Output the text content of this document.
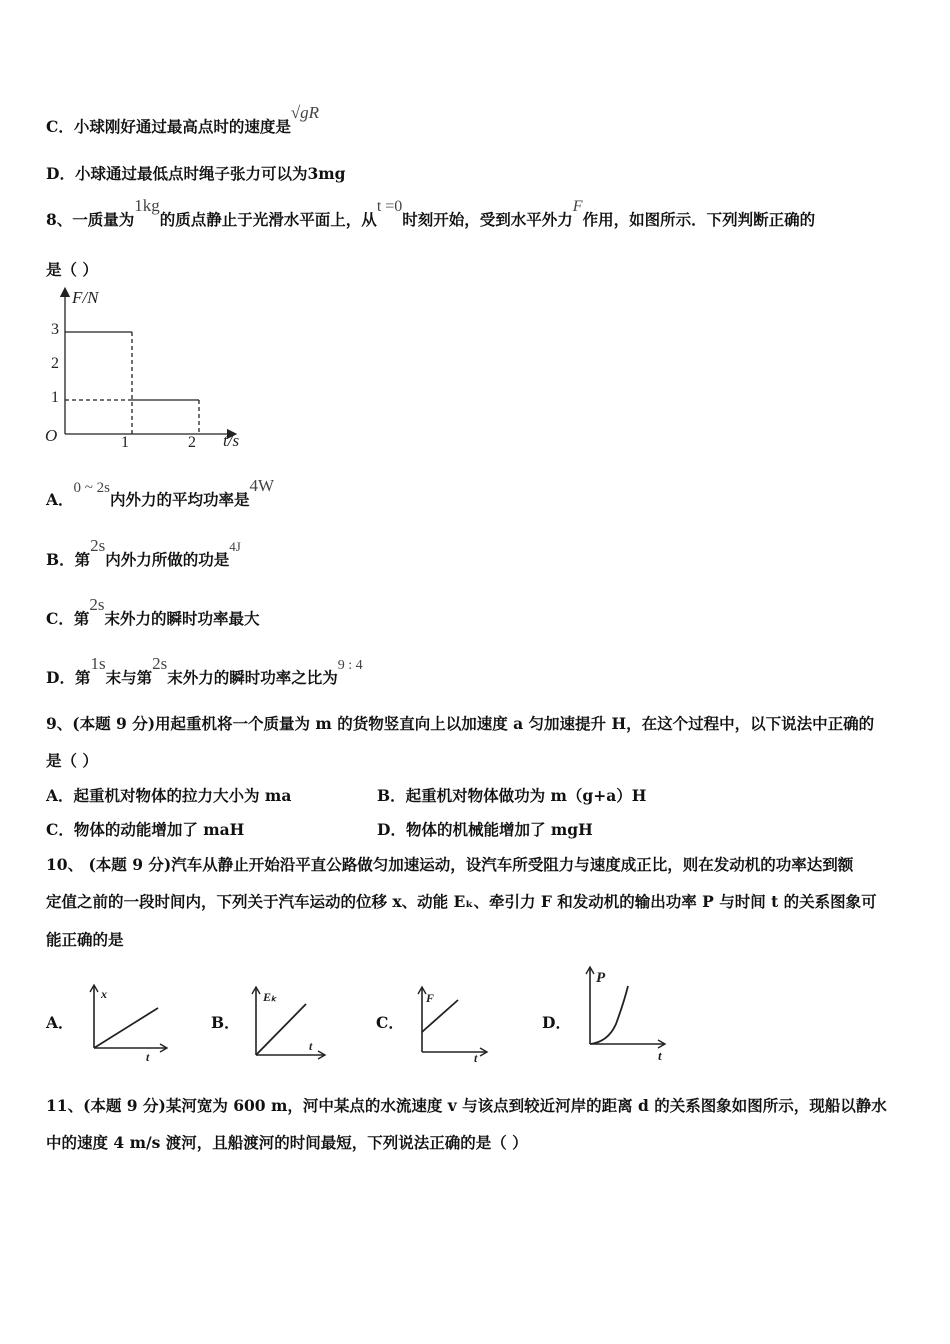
C．小球刚好通过最高点时的速度是√gR
D．小球通过最低点时绳子张力可以为3mg
8、一质量为1kg的质点静止于光滑水平面上，从t =0时刻开始，受到水平外力F作用，如图所示．下列判断正确的
是（ ）
F/N
t/s
O
3
2
1
1	2
A．0 ~ 2s内外力的平均功率是4W
B．第2s内外力所做的功是$^{4J}$
C．第2s末外力的瞬时功率最大
D．第1s末与第2s末外力的瞬时功率之比为9 : 4
9、(本题 9 分)用起重机将一个质量为 m 的货物竖直向上以加速度 a 匀加速提升 H，在这个过程中，以下说法中正确的
是（ ）
A．起重机对物体的拉力大小为 ma	B．起重机对物体做功为 m（g+a）H
C．物体的动能增加了 maH	D．物体的机械能增加了 mgH
10、 (本题 9 分)汽车从静止开始沿平直公路做匀加速运动，设汽车所受阻力与速度成正比，则在发动机的功率达到额
定值之前的一段时间内，下列关于汽车运动的位移 x、动能 Eₖ、牵引力 F 和发动机的输出功率 P 与时间 t 的关系图象可
能正确的是
A．	B．	C．	D．
x
t
Eₖ
t
F
t
P
t
11、(本题 9 分)某河宽为 600 m，河中某点的水流速度 v 与该点到较近河岸的距离 d 的关系图象如图所示，现船以静水
中的速度 4 m/s 渡河，且船渡河的时间最短，下列说法正确的是（ ）
